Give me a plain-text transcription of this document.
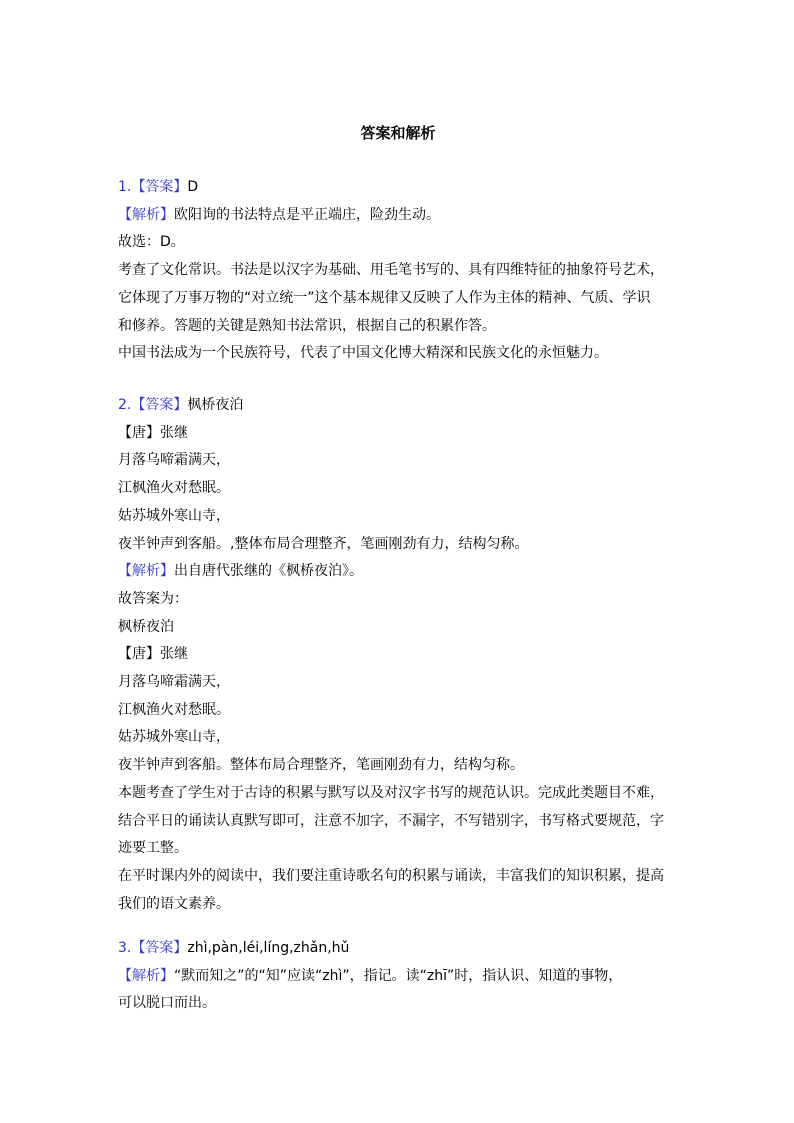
答案和解析
1.【答案】D
【解析】欧阳询的书法特点是平正端庄，险劲生动。
故选：D。
考查了文化常识。书法是以汉字为基础、用毛笔书写的、具有四维特征的抽象符号艺术，
它体现了万事万物的“对立统一”这个基本规律又反映了人作为主体的精神、气质、学识
和修养。答题的关键是熟知书法常识，根据自己的积累作答。
中国书法成为一个民族符号，代表了中国文化博大精深和民族文化的永恒魅力。
2.【答案】枫桥夜泊
【唐】张继
月落乌啼霜满天，
江枫渔火对愁眠。
姑苏城外寒山寺，
夜半钟声到客船。,整体布局合理整齐，笔画刚劲有力，结构匀称。
【解析】出自唐代张继的《枫桥夜泊》。
故答案为：
枫桥夜泊
【唐】张继
月落乌啼霜满天，
江枫渔火对愁眠。
姑苏城外寒山寺，
夜半钟声到客船。整体布局合理整齐，笔画刚劲有力，结构匀称。
本题考查了学生对于古诗的积累与默写以及对汉字书写的规范认识。完成此类题目不难，
结合平日的诵读认真默写即可，注意不加字，不漏字，不写错别字，书写格式要规范，字
迹要工整。
在平时课内外的阅读中，我们要注重诗歌名句的积累与诵读，丰富我们的知识积累，提高
我们的语文素养。
3.【答案】zhì,pàn,léi,líng,zhǎn,hǔ
【解析】“默而知之”的“知”应读“zhì”，指记。读“zhī”时，指认识、知道的事物，
可以脱口而出。
